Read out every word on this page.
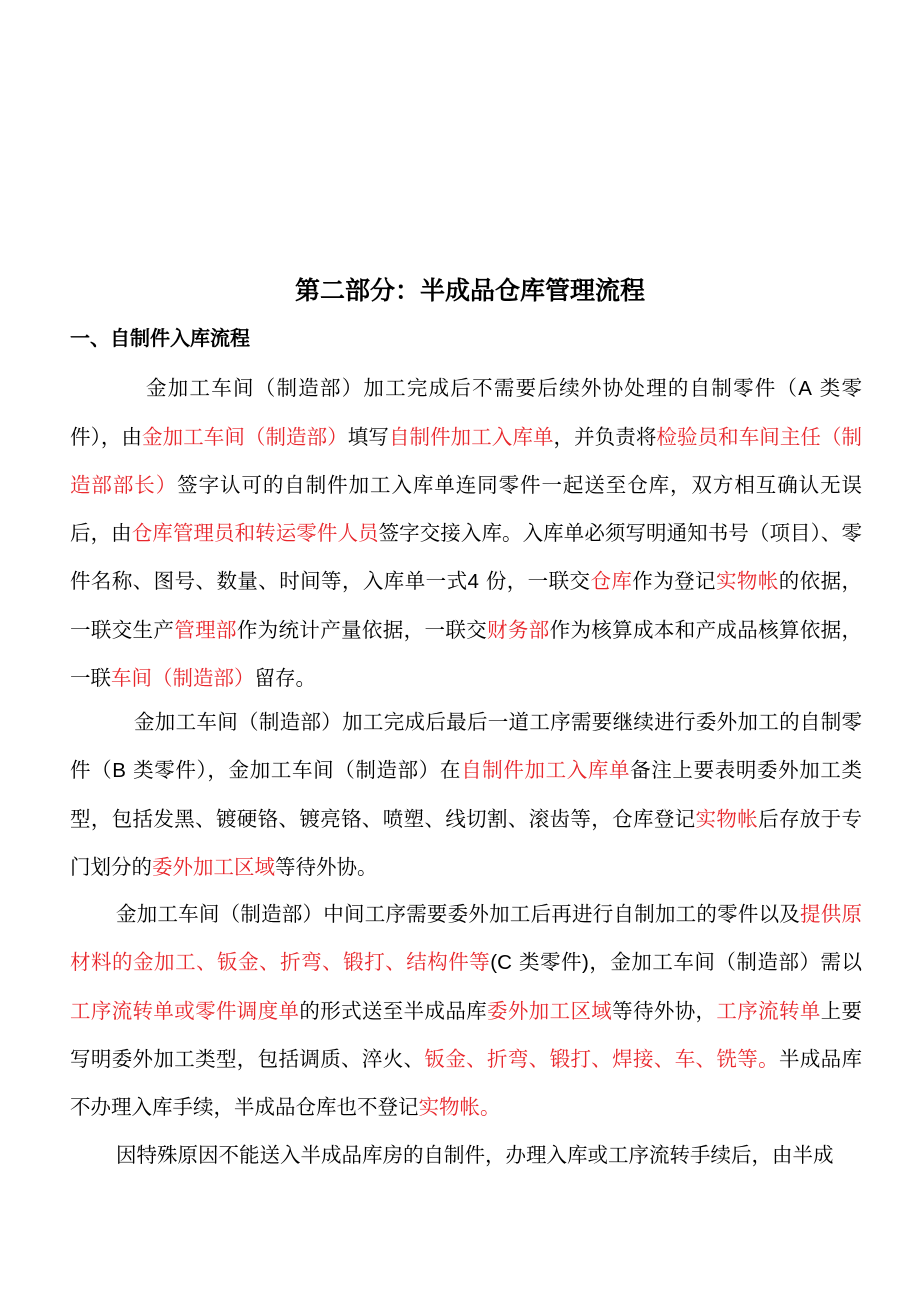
第二部分：半成品仓库管理流程
一、自制件入库流程
金加工车间（制造部）加工完成后不需要后续外协处理的自制零件（A 类零件），由金加工车间（制造部）填写自制件加工入库单，并负责将检验员和车间主任（制造部部长）签字认可的自制件加工入库单连同零件一起送至仓库，双方相互确认无误后，由仓库管理员和转运零件人员签字交接入库。入库单必须写明通知书号（项目）、零件名称、图号、数量、时间等，入库单一式4 份，一联交仓库作为登记实物帐的依据，一联交生产管理部作为统计产量依据，一联交财务部作为核算成本和产成品核算依据，一联车间（制造部）留存。
金加工车间（制造部）加工完成后最后一道工序需要继续进行委外加工的自制零件（B 类零件），金加工车间（制造部）在自制件加工入库单备注上要表明委外加工类型，包括发黑、镀硬铬、镀亮铬、喷塑、线切割、滚齿等，仓库登记实物帐后存放于专门划分的委外加工区域等待外协。
金加工车间（制造部）中间工序需要委外加工后再进行自制加工的零件以及提供原材料的金加工、钣金、折弯、锻打、结构件等(C 类零件)，金加工车间（制造部）需以工序流转单或零件调度单的形式送至半成品库委外加工区域等待外协，工序流转单上要写明委外加工类型，包括调质、淬火、钣金、折弯、锻打、焊接、车、铣等。半成品库不办理入库手续，半成品仓库也不登记实物帐。
因特殊原因不能送入半成品库房的自制件，办理入库或工序流转手续后，由半成
